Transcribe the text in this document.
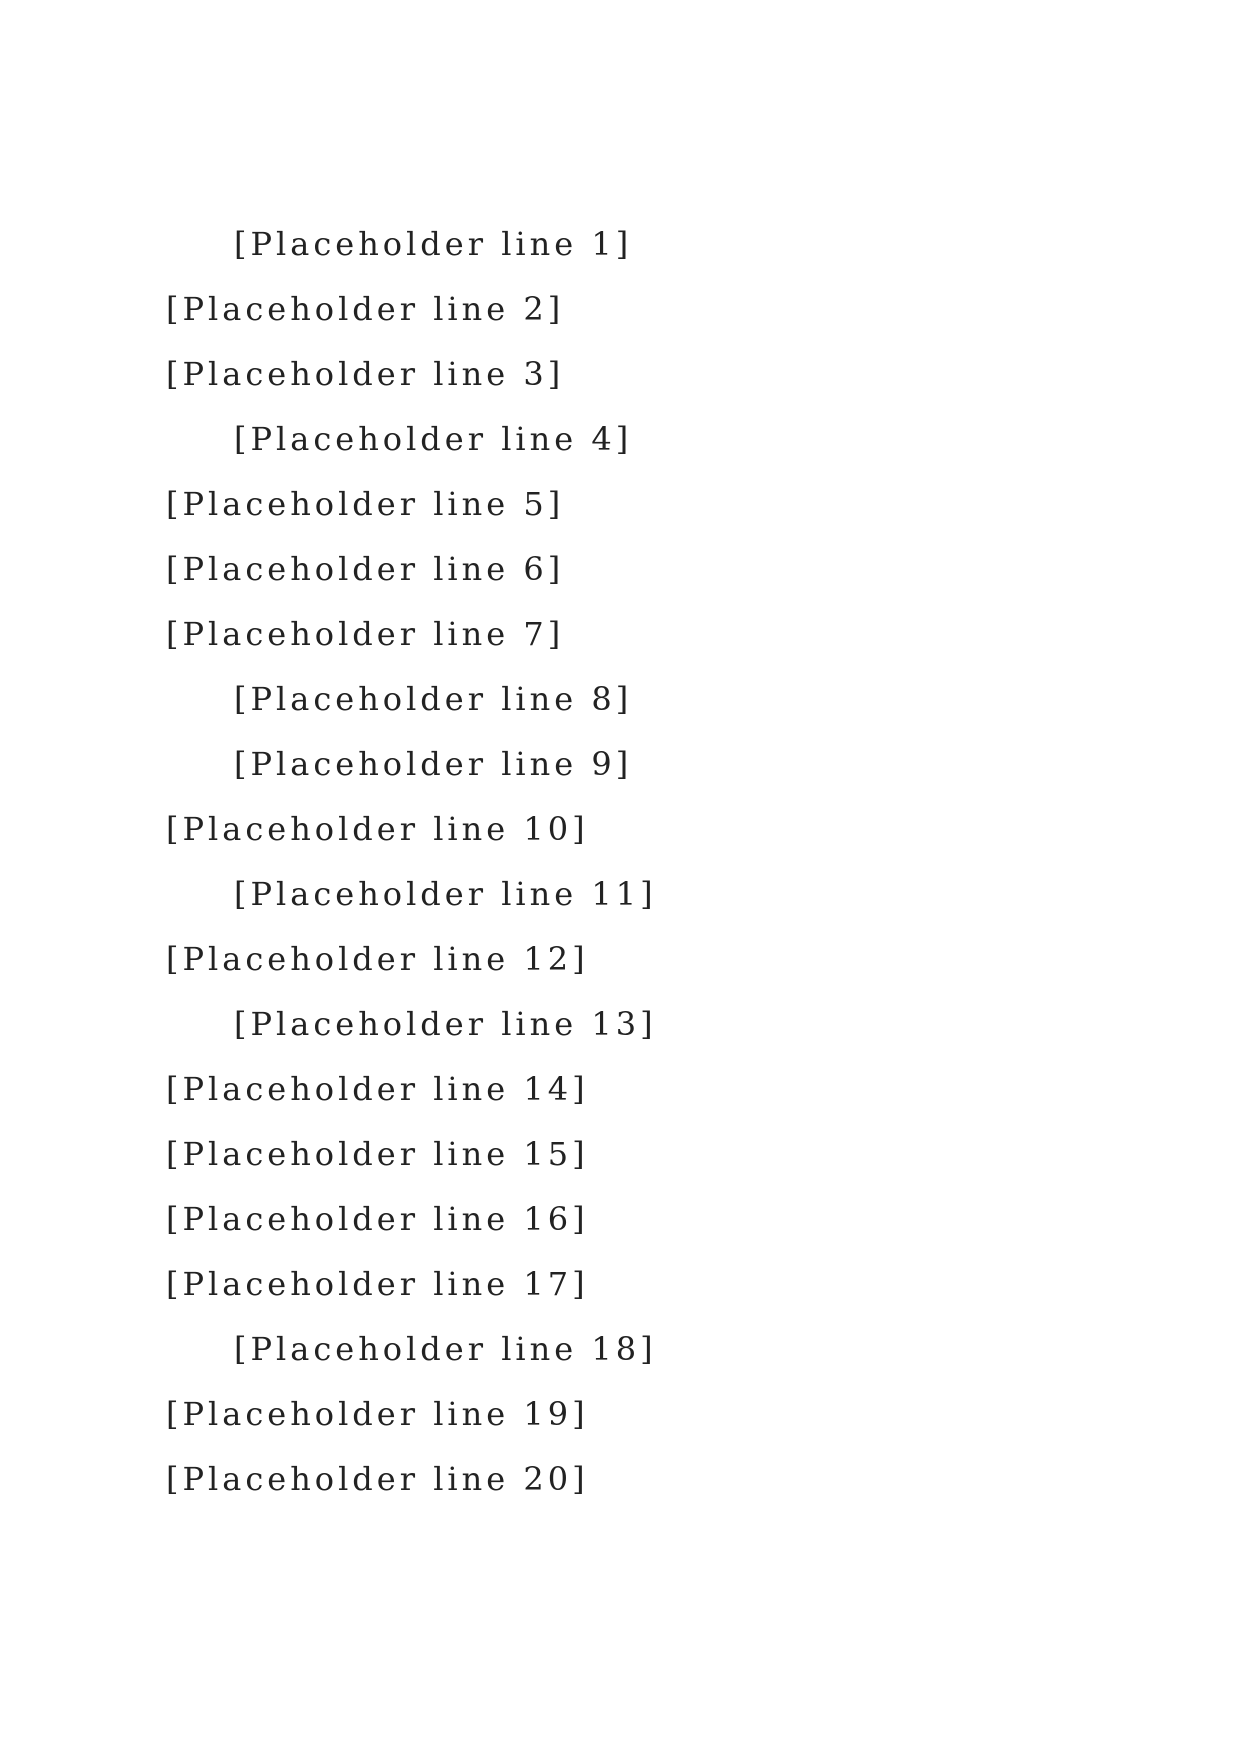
[Placeholder line 1]
[Placeholder line 2]
[Placeholder line 3]
[Placeholder line 4]
[Placeholder line 5]
[Placeholder line 6]
[Placeholder line 7]
[Placeholder line 8]
[Placeholder line 9]
[Placeholder line 10]
[Placeholder line 11]
[Placeholder line 12]
[Placeholder line 13]
[Placeholder line 14]
[Placeholder line 15]
[Placeholder line 16]
[Placeholder line 17]
[Placeholder line 18]
[Placeholder line 19]
[Placeholder line 20]
